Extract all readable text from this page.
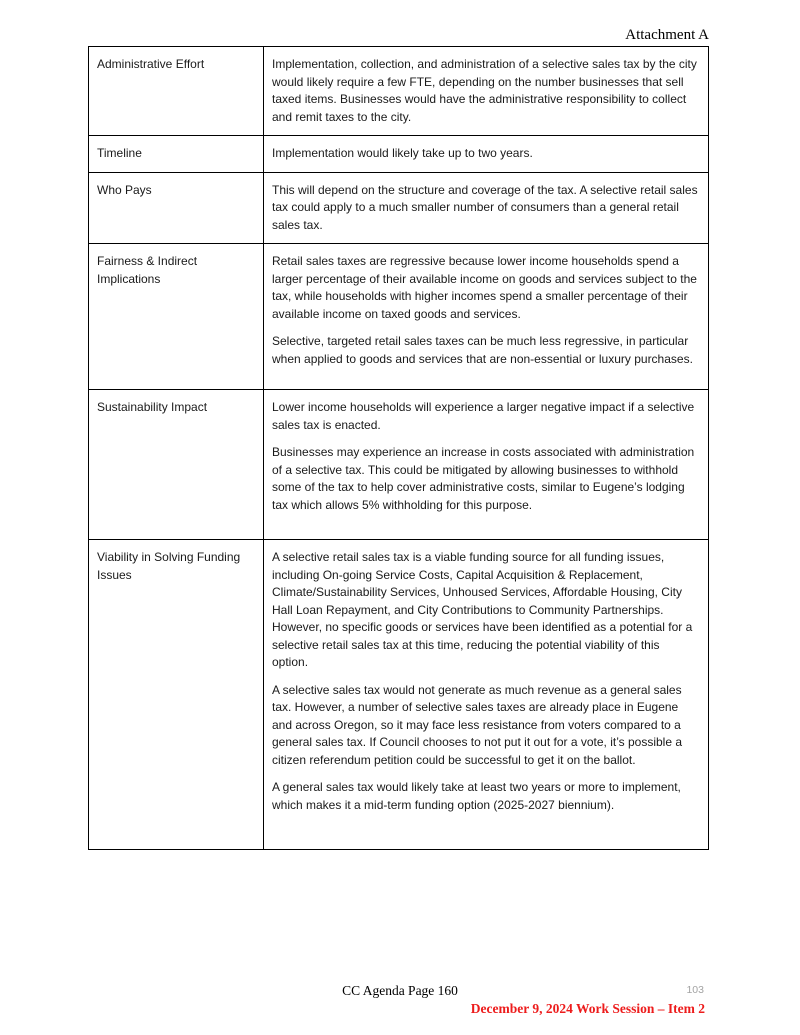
Attachment A
Administrative Effort	Implementation, collection, and administration of a selective sales tax by the city would likely require a few FTE, depending on the number businesses that sell taxed items. Businesses would have the administrative responsibility to collect and remit taxes to the city.

Timeline	Implementation would likely take up to two years.

Who Pays	This will depend on the structure and coverage of the tax. A selective retail sales tax could apply to a much smaller number of consumers than a general retail sales tax.

Fairness & Indirect Implications	Retail sales taxes are regressive because lower income households spend a larger percentage of their available income on goods and services subject to the tax, while households with higher incomes spend a smaller percentage of their available income on taxed goods and services.

Selective, targeted retail sales taxes can be much less regressive, in particular when applied to goods and services that are non-essential or luxury purchases.

Sustainability Impact	Lower income households will experience a larger negative impact if a selective sales tax is enacted.

Businesses may experience an increase in costs associated with administration of a selective tax. This could be mitigated by allowing businesses to withhold some of the tax to help cover administrative costs, similar to Eugene’s lodging tax which allows 5% withholding for this purpose.

Viability in Solving Funding Issues	A selective retail sales tax is a viable funding source for all funding issues, including On-going Service Costs, Capital Acquisition & Replacement, Climate/Sustainability Services, Unhoused Services, Affordable Housing, City Hall Loan Repayment, and City Contributions to Community Partnerships. However, no specific goods or services have been identified as a potential for a selective retail sales tax at this time, reducing the potential viability of this option.

A selective sales tax would not generate as much revenue as a general sales tax. However, a number of selective sales taxes are already place in Eugene and across Oregon, so it may face less resistance from voters compared to a general sales tax. If Council chooses to not put it out for a vote, it’s possible a citizen referendum petition could be successful to get it on the ballot.

A general sales tax would likely take at least two years or more to implement, which makes it a mid-term funding option (2025-2027 biennium).

CC Agenda Page 160	103
December 9, 2024 Work Session – Item 2
